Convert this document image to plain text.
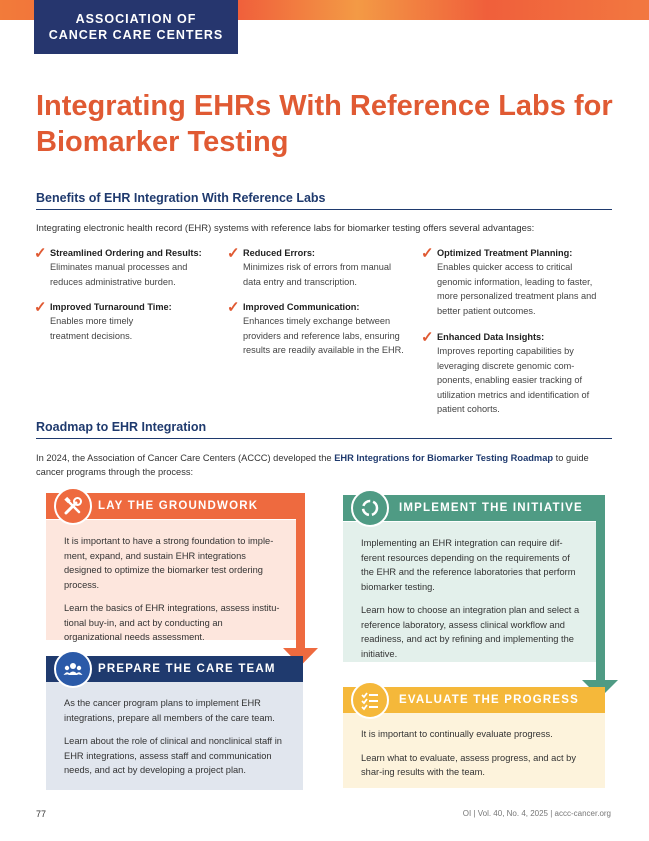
ASSOCIATION OF
CANCER CARE CENTERS
Integrating EHRs With Reference Labs for
Biomarker Testing
Benefits of EHR Integration With Reference Labs

Integrating electronic health record (EHR) systems with reference labs for biomarker testing offers several advantages:

✓ Streamlined Ordering and Results:
Eliminates manual processes and
reduces administrative burden.
✓ Improved Turnaround Time:
Enables more timely
treatment decisions.
✓ Reduced Errors:
Minimizes risk of errors from manual
data entry and transcription.
✓ Improved Communication:
Enhances timely exchange between
providers and reference labs, ensuring
results are readily available in the EHR.
✓ Optimized Treatment Planning:
Enables quicker access to critical
genomic information, leading to faster,
more personalized treatment plans and
better patient outcomes.
✓ Enhanced Data Insights:
Improves reporting capabilities by
leveraging discrete genomic com-
ponents, enabling easier tracking of
utilization metrics and identification of
patient cohorts.
Roadmap to EHR Integration

In 2024, the Association of Cancer Care Centers (ACCC) developed the EHR Integrations for Biomarker Testing Roadmap to guide cancer programs through the process:

It is important to have a strong foundation to imple-ment, expand, and sustain EHR integrations designed to optimize the biomarker test ordering process.

Learn the basics of EHR integrations, assess institu-tional buy-in, and act by conducting an organizational needs assessment.

LAY THE GROUNDWORK

Implementing an EHR integration can require dif-ferent resources depending on the requirements of the EHR and the reference laboratories that perform biomarker testing.

Learn how to choose an integration plan and select a reference laboratory, assess clinical workflow and readiness, and act by refining and implementing the initiative.

IMPLEMENT THE INITIATIVE

As the cancer program plans to implement EHR integrations, prepare all members of the care team.

Learn about the role of clinical and nonclinical staff in EHR integrations, assess staff and communication needs, and act by developing a project plan.

PREPARE THE CARE TEAM

It is important to continually evaluate progress.

Learn what to evaluate, assess progress, and act by shar-ing results with the team.

EVALUATE THE PROGRESS
77	OI | Vol. 40, No. 4, 2025 | accc-cancer.org
